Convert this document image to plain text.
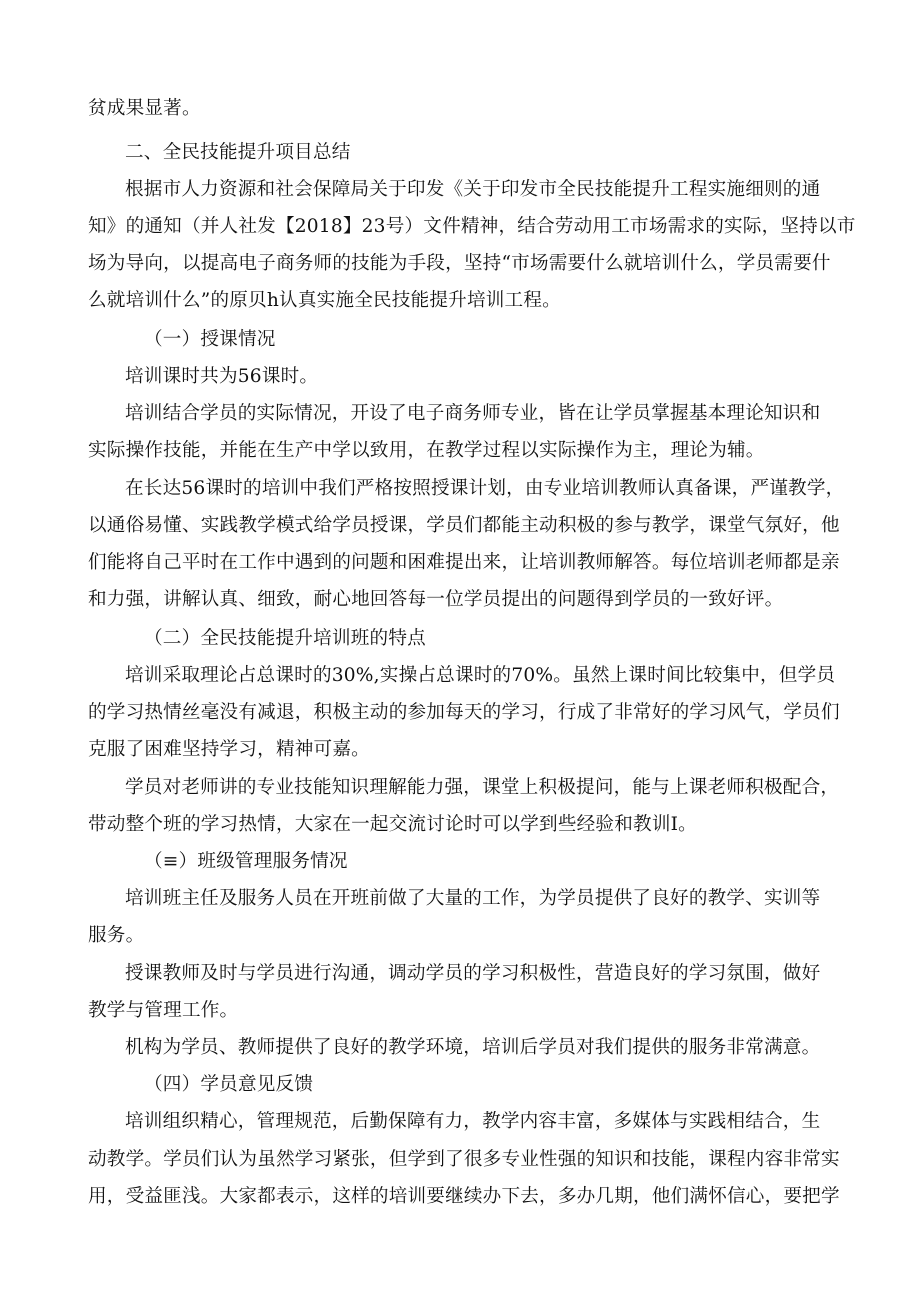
贫成果显著。
二、全民技能提升项目总结
根据市人力资源和社会保障局关于印发《关于印发市全民技能提升工程实施细则的通
知》的通知（并人社发【2018】23号）文件精神，结合劳动用工市场需求的实际，坚持以市
场为导向，以提高电子商务师的技能为手段，坚持“市场需要什么就培训什么，学员需要什
么就培训什么”的原贝h认真实施全民技能提升培训工程。
（一）授课情况
培训课时共为56课时。
培训结合学员的实际情况，开设了电子商务师专业，皆在让学员掌握基本理论知识和
实际操作技能，并能在生产中学以致用，在教学过程以实际操作为主，理论为辅。
在长达56课时的培训中我们严格按照授课计划，由专业培训教师认真备课，严谨教学，
以通俗易懂、实践教学模式给学员授课，学员们都能主动积极的参与教学，课堂气氛好，他
们能将自己平时在工作中遇到的问题和困难提出来，让培训教师解答。每位培训老师都是亲
和力强，讲解认真、细致，耐心地回答每一位学员提出的问题得到学员的一致好评。
（二）全民技能提升培训班的特点
培训采取理论占总课时的30%,实操占总课时的70%。虽然上课时间比较集中，但学员
的学习热情丝毫没有减退，积极主动的参加每天的学习，行成了非常好的学习风气，学员们
克服了困难坚持学习，精神可嘉。
学员对老师讲的专业技能知识理解能力强，课堂上积极提问，能与上课老师积极配合，
带动整个班的学习热情，大家在一起交流讨论时可以学到些经验和教训I。
（≡）班级管理服务情况
培训班主任及服务人员在开班前做了大量的工作，为学员提供了良好的教学、实训等
服务。
授课教师及时与学员进行沟通，调动学员的学习积极性，营造良好的学习氛围，做好
教学与管理工作。
机构为学员、教师提供了良好的教学环境，培训后学员对我们提供的服务非常满意。
（四）学员意见反馈
培训组织精心，管理规范，后勤保障有力，教学内容丰富，多媒体与实践相结合，生
动教学。学员们认为虽然学习紧张，但学到了很多专业性强的知识和技能，课程内容非常实
用，受益匪浅。大家都表示，这样的培训要继续办下去，多办几期，他们满怀信心，要把学
